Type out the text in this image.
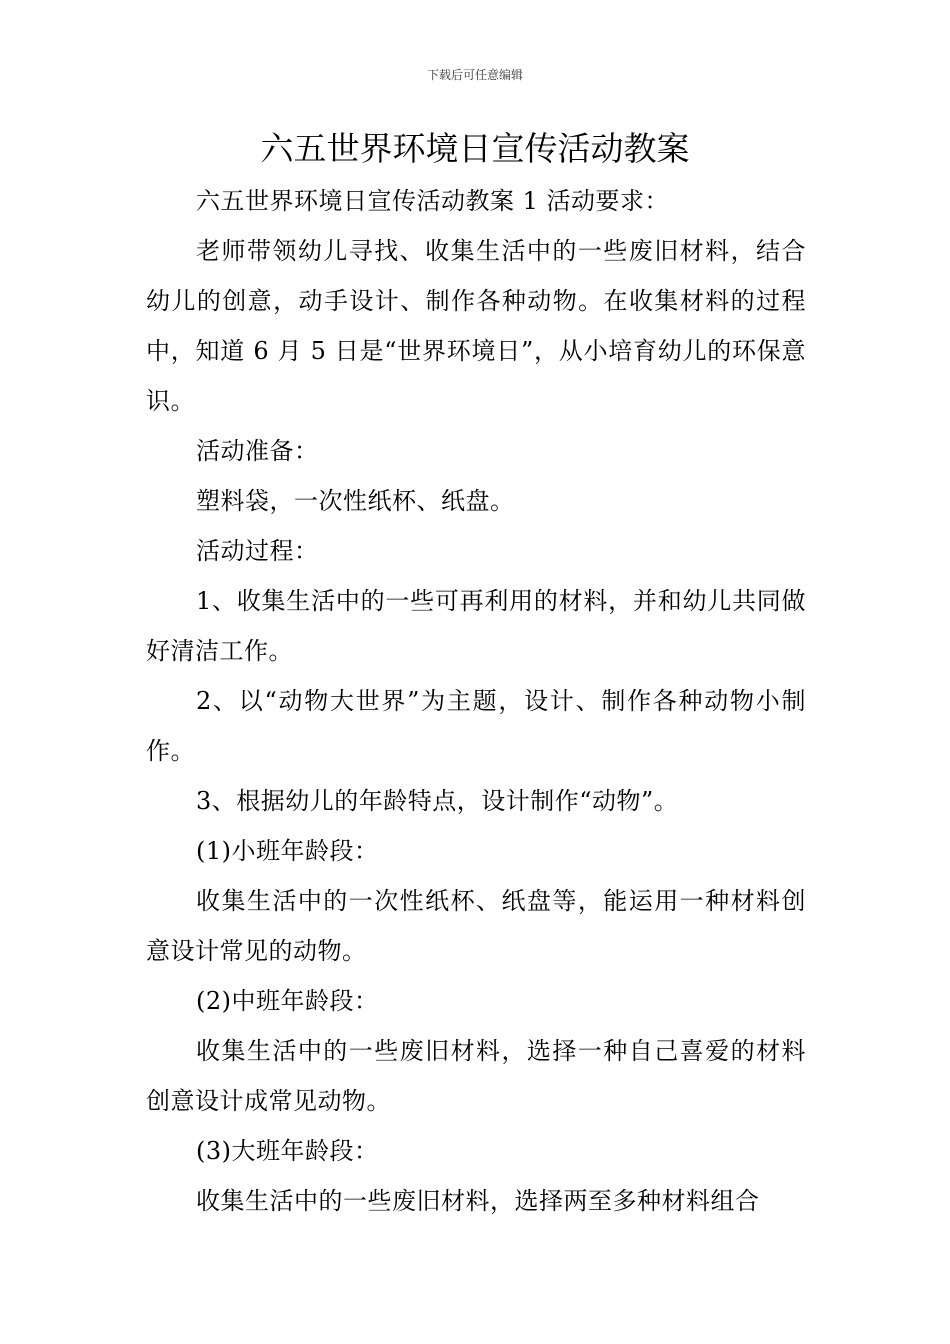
下载后可任意编辑
六五世界环境日宣传活动教案

六五世界环境日宣传活动教案 1 活动要求：

老师带领幼儿寻找、收集生活中的一些废旧材料，结合幼儿的创意，动手设计、制作各种动物。在收集材料的过程中，知道 6 月 5 日是“世界环境日”，从小培育幼儿的环保意识。

活动准备：

塑料袋，一次性纸杯、纸盘。

活动过程：

1、收集生活中的一些可再利用的材料，并和幼儿共同做好清洁工作。

2、以“动物大世界”为主题，设计、制作各种动物小制作。

3、根据幼儿的年龄特点，设计制作“动物”。

(1)小班年龄段：

收集生活中的一次性纸杯、纸盘等，能运用一种材料创意设计常见的动物。

(2)中班年龄段：

收集生活中的一些废旧材料，选择一种自己喜爱的材料创意设计成常见动物。

(3)大班年龄段：

收集生活中的一些废旧材料，选择两至多种材料组合
